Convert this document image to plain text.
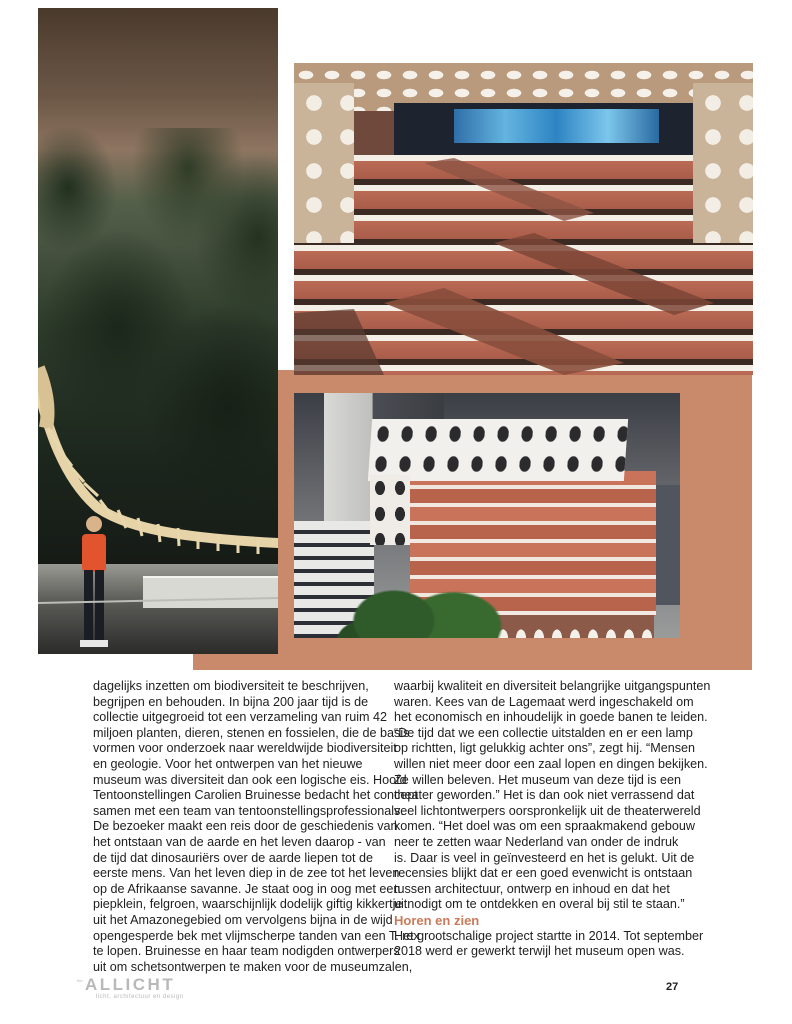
dagelijks inzetten om biodiversiteit te beschrijven,

begrijpen en behouden. In bijna 200 jaar tijd is de

collectie uitgegroeid tot een verzameling van ruim 42

miljoen planten, dieren, stenen en fossielen, die de basis

vormen voor onderzoek naar wereldwijde biodiversiteit

en geologie. Voor het ontwerpen van het nieuwe

museum was diversiteit dan ook een logische eis. Hoofd

Tentoonstellingen Carolien Bruinesse bedacht het concept

samen met een team van tentoonstellingsprofessionals.

De bezoeker maakt een reis door de geschiedenis van

het ontstaan van de aarde en het leven daarop - van

de tijd dat dinosauriërs over de aarde liepen tot de

eerste mens. Van het leven diep in de zee tot het leven

op de Afrikaanse savanne. Je staat oog in oog met een

piepklein, felgroen, waarschijnlijk dodelijk giftig kikkertje

uit het Amazonegebied om vervolgens bijna in de wijd

opengesperde bek met vlijmscherpe tanden van een T. rex

te lopen. Bruinesse en haar team nodigden ontwerpers

uit om schetsontwerpen te maken voor de museumzalen,

waarbij kwaliteit en diversiteit belangrijke uitgangspunten

waren. Kees van de Lagemaat werd ingeschakeld om

het economisch en inhoudelijk in goede banen te leiden.

“De tijd dat we een collectie uitstalden en er een lamp

op richtten, ligt gelukkig achter ons”, zegt hij. “Mensen

willen niet meer door een zaal lopen en dingen bekijken.

Ze willen beleven. Het museum van deze tijd is een

theater geworden.” Het is dan ook niet verrassend dat

veel lichtontwerpers oorspronkelijk uit de theaterwereld

komen. “Het doel was om een spraakmakend gebouw

neer te zetten waar Nederland van onder de indruk

is. Daar is veel in geïnvesteerd en het is gelukt. Uit de

recensies blijkt dat er een goed evenwicht is ontstaan

tussen architectuur, ontwerp en inhoud en dat het

uitnodigt om te ontdekken en overal bij stil te staan.”

Horen en zien

Het grootschalige project startte in 2014. Tot september

2018 werd er gewerkt terwijl het museum open was.

the ALLICHT
licht, architectuur en design
27
